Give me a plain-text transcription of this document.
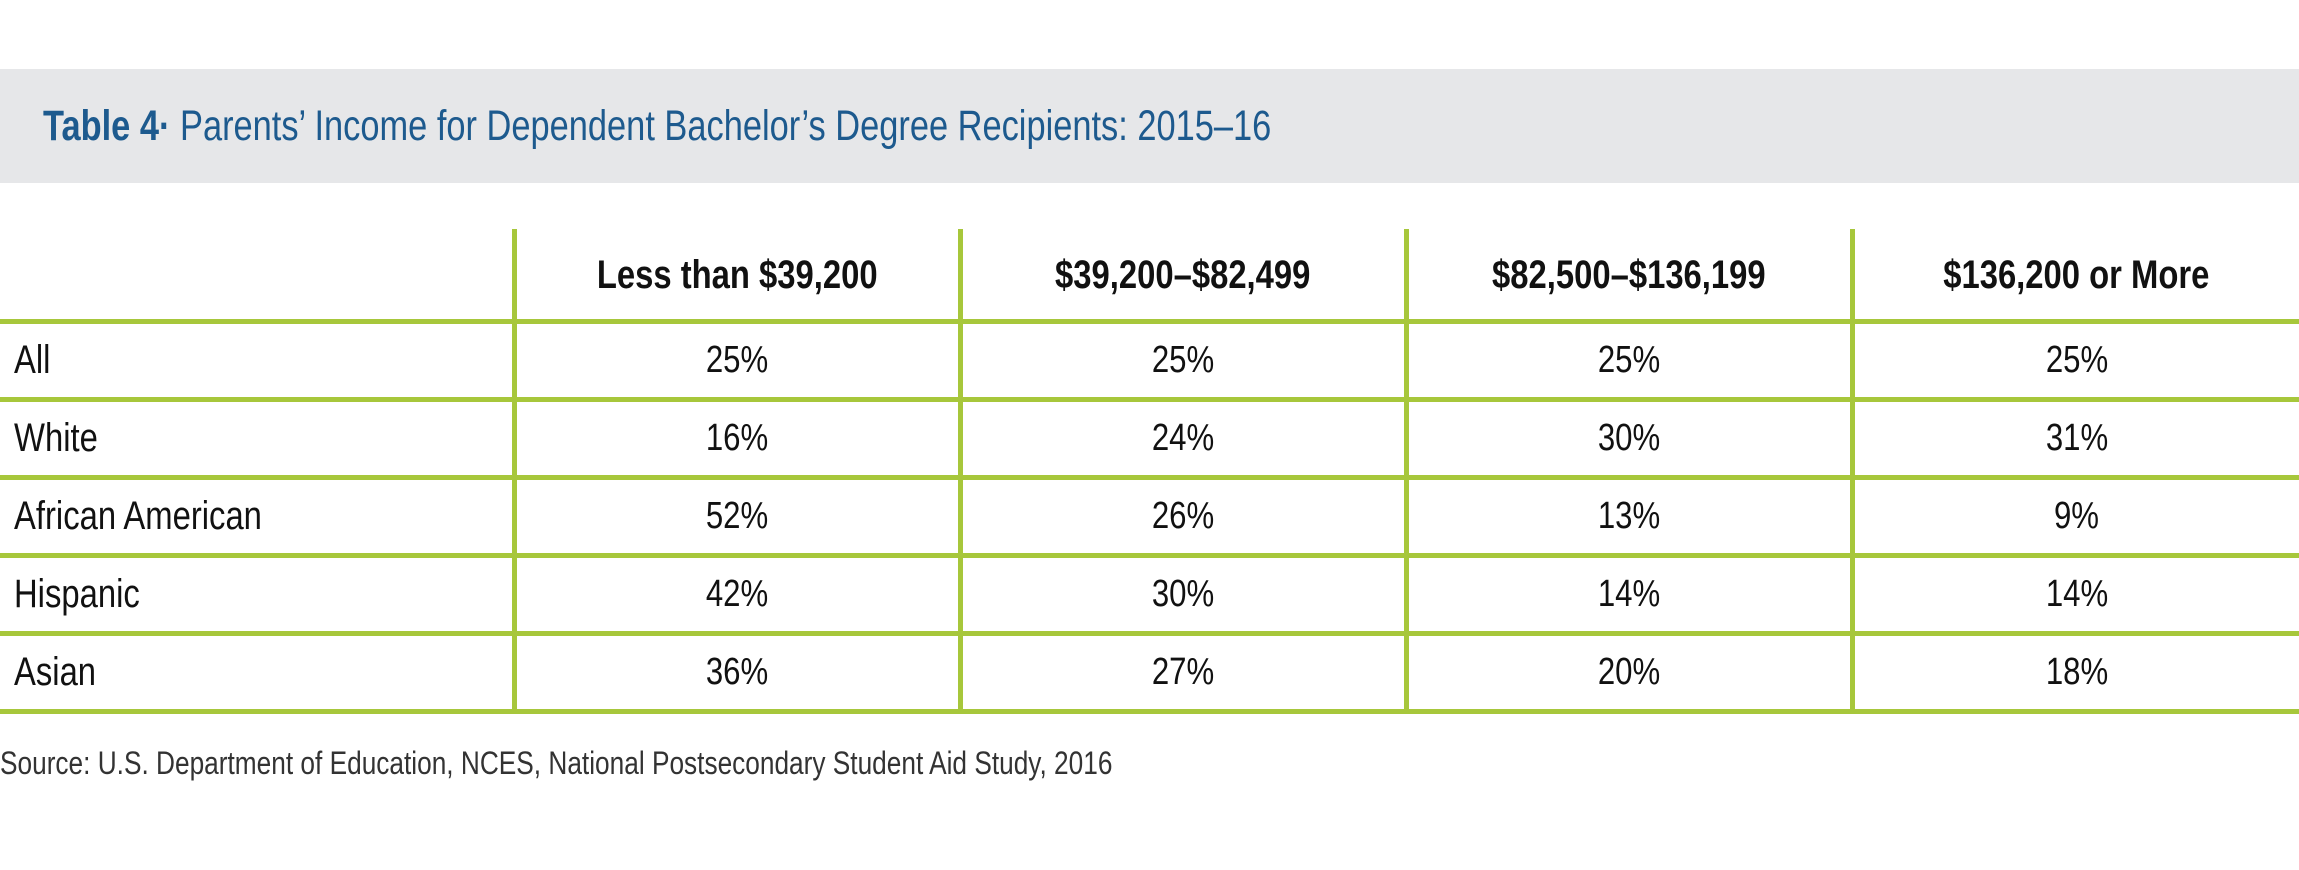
Table 4· Parents’ Income for Dependent Bachelor’s Degree Recipients: 2015–16
	Less than $39,200	$39,200–$82,499	$82,500–$136,199	$136,200 or More
All	25%	25%	25%	25%
White	16%	24%	30%	31%
African American	52%	26%	13%	9%
Hispanic	42%	30%	14%	14%
Asian	36%	27%	20%	18%
Source: U.S. Department of Education, NCES, National Postsecondary Student Aid Study, 2016
